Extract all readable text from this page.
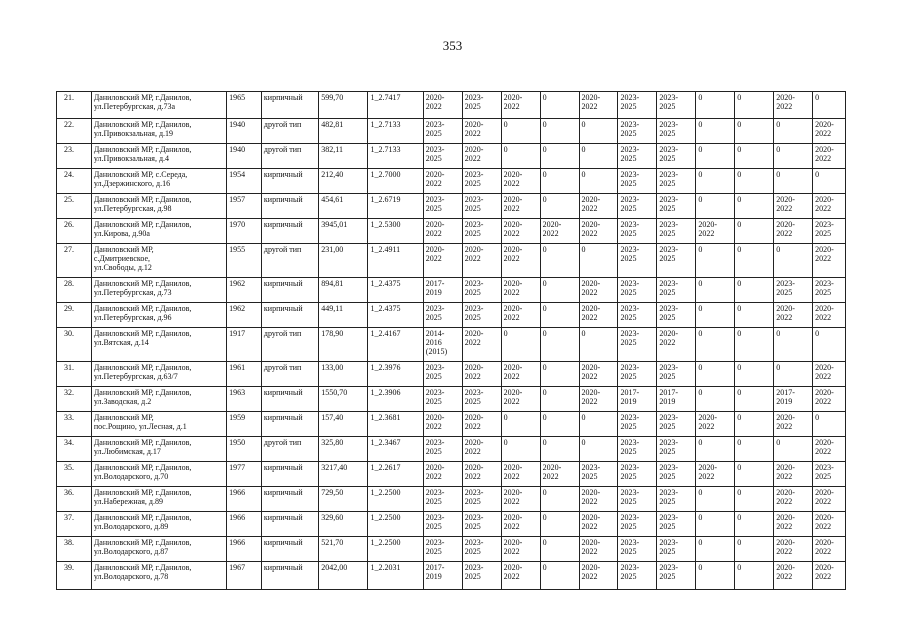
353
21.	Даниловский МР, г.Данилов,
ул.Петербургская, д.73а	1965	кирпичный	599,70	1_2.7417	2020-
2022	2023-
2025	2020-
2022	0	2020-
2022	2023-
2025	2023-
2025	0	0	2020-
2022	0
22.	Даниловский МР, г.Данилов,
ул.Привокзальная, д.19	1940	другой тип	482,81	1_2.7133	2023-
2025	2020-
2022	0	0	0	2023-
2025	2023-
2025	0	0	0	2020-
2022
23.	Даниловский МР, г.Данилов,
ул.Привокзальная, д.4	1940	другой тип	382,11	1_2.7133	2023-
2025	2020-
2022	0	0	0	2023-
2025	2023-
2025	0	0	0	2020-
2022
24.	Даниловский МР, с.Середа,
ул.Дзержинского, д.16	1954	кирпичный	212,40	1_2.7000	2020-
2022	2023-
2025	2020-
2022	0	0	2023-
2025	2023-
2025	0	0	0	0
25.	Даниловский МР, г.Данилов,
ул.Петербургская, д.98	1957	кирпичный	454,61	1_2.6719	2023-
2025	2023-
2025	2020-
2022	0	2020-
2022	2023-
2025	2023-
2025	0	0	2020-
2022	2020-
2022
26.	Даниловский МР, г.Данилов,
ул.Кирова, д.90а	1970	кирпичный	3945,01	1_2.5300	2020-
2022	2023-
2025	2020-
2022	2020-
2022	2020-
2022	2023-
2025	2023-
2025	2020-
2022	0	2020-
2022	2023-
2025
27.	Даниловский МР,
с.Дмитриевское,
ул.Свободы, д.12	1955	другой тип	231,00	1_2.4911	2020-
2022	2020-
2022	2020-
2022	0	0	2023-
2025	2023-
2025	0	0	0	2020-
2022
28.	Даниловский МР, г.Данилов,
ул.Петербургская, д.73	1962	кирпичный	894,81	1_2.4375	2017-
2019	2023-
2025	2020-
2022	0	2020-
2022	2023-
2025	2023-
2025	0	0	2023-
2025	2023-
2025
29.	Даниловский МР, г.Данилов,
ул.Петербургская, д.96	1962	кирпичный	449,11	1_2.4375	2023-
2025	2023-
2025	2020-
2022	0	2020-
2022	2023-
2025	2023-
2025	0	0	2020-
2022	2020-
2022
30.	Даниловский МР, г.Данилов,
ул.Вятская, д.14	1917	другой тип	178,90	1_2.4167	2014-
2016
(2015)	2020-
2022	0	0	0	2023-
2025	2020-
2022	0	0	0	0
31.	Даниловский МР, г.Данилов,
ул.Петербургская, д.63/7	1961	другой тип	133,00	1_2.3976	2023-
2025	2020-
2022	2020-
2022	0	2020-
2022	2023-
2025	2023-
2025	0	0	0	2020-
2022
32.	Даниловский МР, г.Данилов,
ул.Заводская, д.2	1963	кирпичный	1550,70	1_2.3906	2023-
2025	2023-
2025	2020-
2022	0	2020-
2022	2017-
2019	2017-
2019	0	0	2017-
2019	2020-
2022
33.	Даниловский МР,
пос.Рощино, ул.Лесная, д.1	1959	кирпичный	157,40	1_2.3681	2020-
2022	2020-
2022	0	0	0	2023-
2025	2023-
2025	2020-
2022	0	2020-
2022	0
34.	Даниловский МР, г.Данилов,
ул.Любимская, д.17	1950	другой тип	325,80	1_2.3467	2023-
2025	2020-
2022	0	0	0	2023-
2025	2023-
2025	0	0	0	2020-
2022
35.	Даниловский МР, г.Данилов,
ул.Володарского, д.70	1977	кирпичный	3217,40	1_2.2617	2020-
2022	2020-
2022	2020-
2022	2020-
2022	2023-
2025	2023-
2025	2023-
2025	2020-
2022	0	2020-
2022	2023-
2025
36.	Даниловский МР, г.Данилов,
ул.Набережная, д.89	1966	кирпичный	729,50	1_2.2500	2023-
2025	2023-
2025	2020-
2022	0	2020-
2022	2023-
2025	2023-
2025	0	0	2020-
2022	2020-
2022
37.	Даниловский МР, г.Данилов,
ул.Володарского, д.89	1966	кирпичный	329,60	1_2.2500	2023-
2025	2023-
2025	2020-
2022	0	2020-
2022	2023-
2025	2023-
2025	0	0	2020-
2022	2020-
2022
38.	Даниловский МР, г.Данилов,
ул.Володарского, д.87	1966	кирпичный	521,70	1_2.2500	2023-
2025	2023-
2025	2020-
2022	0	2020-
2022	2023-
2025	2023-
2025	0	0	2020-
2022	2020-
2022
39.	Даниловский МР, г.Данилов,
ул.Володарского, д.78	1967	кирпичный	2042,00	1_2.2031	2017-
2019	2023-
2025	2020-
2022	0	2020-
2022	2023-
2025	2023-
2025	0	0	2020-
2022	2020-
2022
